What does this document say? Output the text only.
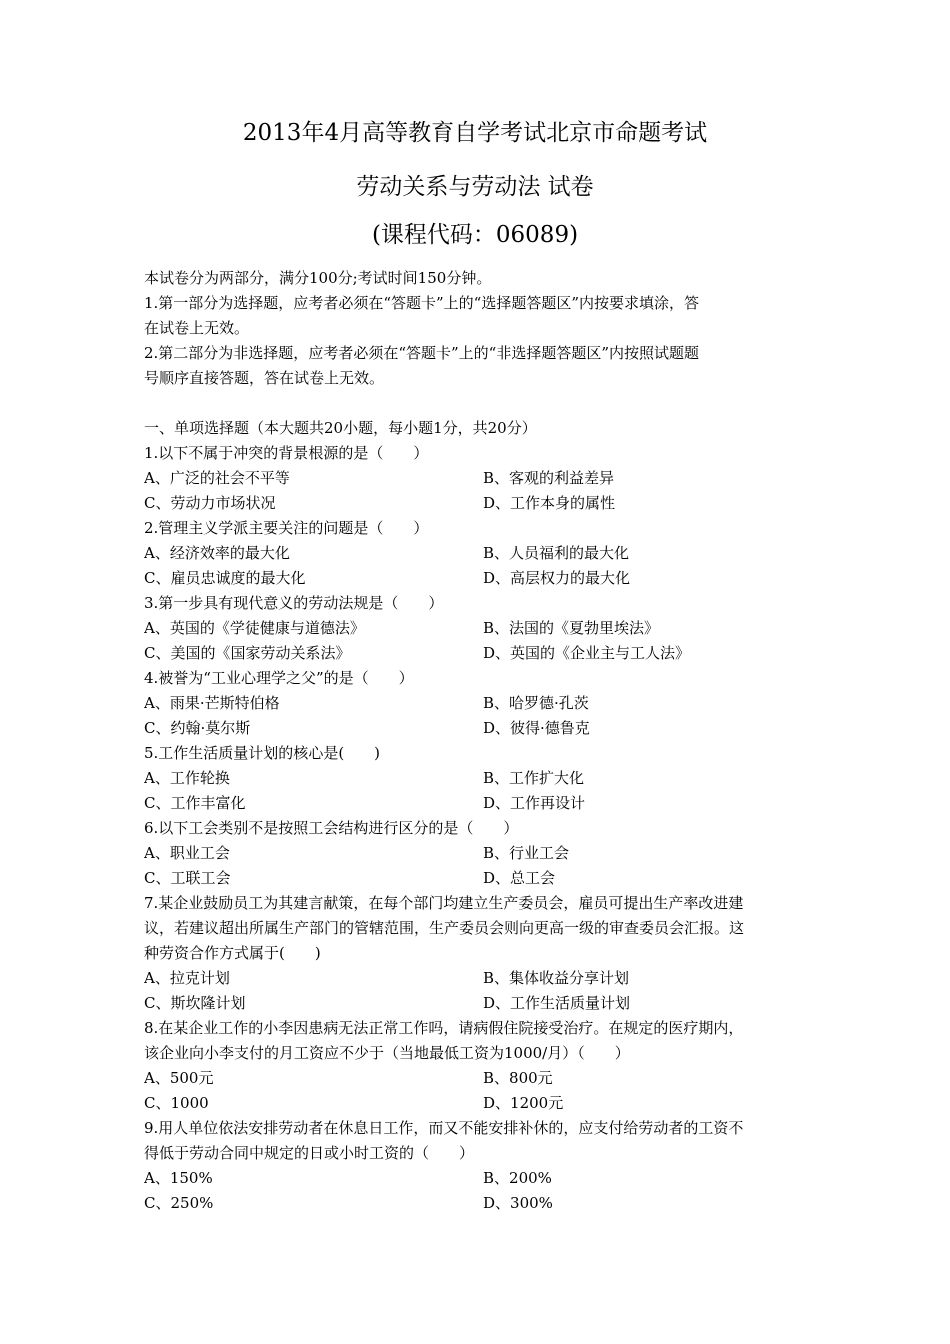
2013年4月高等教育自学考试北京市命题考试
劳动关系与劳动法 试卷
(课程代码：06089)
本试卷分为两部分，满分100分;考试时间150分钟。
1.第一部分为选择题，应考者必须在“答题卡”上的“选择题答题区”内按要求填涂，答
在试卷上无效。
2.第二部分为非选择题，应考者必须在“答题卡”上的“非选择题答题区”内按照试题题
号顺序直接答题，答在试卷上无效。
一、单项选择题（本大题共20小题，每小题1分，共20分）
1.以下不属于冲突的背景根源的是（　　）
A、广泛的社会不平等	B、客观的利益差异
C、劳动力市场状况	D、工作本身的属性
2.管理主义学派主要关注的问题是（　　）
A、经济效率的最大化	B、人员福利的最大化
C、雇员忠诚度的最大化	D、高层权力的最大化
3.第一步具有现代意义的劳动法规是（　　）
A、英国的《学徒健康与道德法》	B、法国的《夏勃里埃法》
C、美国的《国家劳动关系法》	D、英国的《企业主与工人法》
4.被誉为“工业心理学之父”的是（　　）
A、雨果·芒斯特伯格	B、哈罗德·孔茨
C、约翰·莫尔斯	D、彼得·德鲁克
5.工作生活质量计划的核心是(　　)
A、工作轮换	B、工作扩大化
C、工作丰富化	D、工作再设计
6.以下工会类别不是按照工会结构进行区分的是（　　）
A、职业工会	B、行业工会
C、工联工会	D、总工会
7.某企业鼓励员工为其建言献策，在每个部门均建立生产委员会，雇员可提出生产率改进建
议，若建议超出所属生产部门的管辖范围，生产委员会则向更高一级的审查委员会汇报。这
种劳资合作方式属于(　　)
A、拉克计划	B、集体收益分享计划
C、斯坎隆计划	D、工作生活质量计划
8.在某企业工作的小李因患病无法正常工作吗，请病假住院接受治疗。在规定的医疗期内，
该企业向小李支付的月工资应不少于（当地最低工资为1000/月）（　　）
A、500元	B、800元
C、1000	D、1200元
9.用人单位依法安排劳动者在休息日工作，而又不能安排补休的，应支付给劳动者的工资不
得低于劳动合同中规定的日或小时工资的（　　）
A、150%	B、200%
C、250%	D、300%
